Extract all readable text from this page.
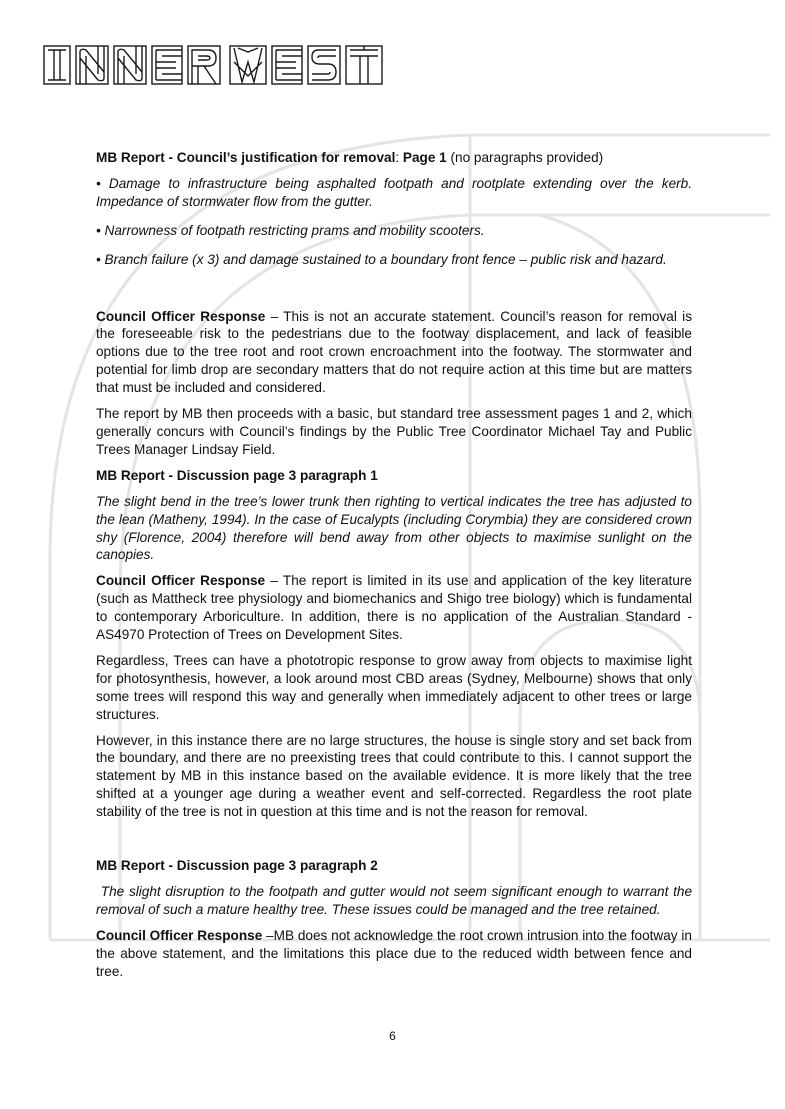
MB Report - Council’s justification for removal: Page 1 (no paragraphs provided)

• Damage to infrastructure being asphalted footpath and rootplate extending over the kerb. Impedance of stormwater flow from the gutter.

• Narrowness of footpath restricting prams and mobility scooters.

• Branch failure (x 3) and damage sustained to a boundary front fence – public risk and hazard.

Council Officer Response – This is not an accurate statement. Council’s reason for removal is the foreseeable risk to the pedestrians due to the footway displacement, and lack of feasible options due to the tree root and root crown encroachment into the footway. The stormwater and potential for limb drop are secondary matters that do not require action at this time but are matters that must be included and considered.

The report by MB then proceeds with a basic, but standard tree assessment pages 1 and 2, which generally concurs with Council’s findings by the Public Tree Coordinator Michael Tay and Public Trees Manager Lindsay Field.

MB Report - Discussion page 3 paragraph 1

The slight bend in the tree’s lower trunk then righting to vertical indicates the tree has adjusted to the lean (Matheny, 1994). In the case of Eucalypts (including Corymbia) they are considered crown shy (Florence, 2004) therefore will bend away from other objects to maximise sunlight on the canopies.

Council Officer Response – The report is limited in its use and application of the key literature (such as Mattheck tree physiology and biomechanics and Shigo tree biology) which is fundamental to contemporary Arboriculture. In addition, there is no application of the Australian Standard - AS4970 Protection of Trees on Development Sites.

Regardless, Trees can have a phototropic response to grow away from objects to maximise light for photosynthesis, however, a look around most CBD areas (Sydney, Melbourne) shows that only some trees will respond this way and generally when immediately adjacent to other trees or large structures.

However, in this instance there are no large structures, the house is single story and set back from the boundary, and there are no preexisting trees that could contribute to this. I cannot support the statement by MB in this instance based on the available evidence. It is more likely that the tree shifted at a younger age during a weather event and self-corrected. Regardless the root plate stability of the tree is not in question at this time and is not the reason for removal.

MB Report - Discussion page 3 paragraph 2

The slight disruption to the footpath and gutter would not seem significant enough to warrant the removal of such a mature healthy tree. These issues could be managed and the tree retained.

Council Officer Response –MB does not acknowledge the root crown intrusion into the footway in the above statement, and the limitations this place due to the reduced width between fence and tree.

6
